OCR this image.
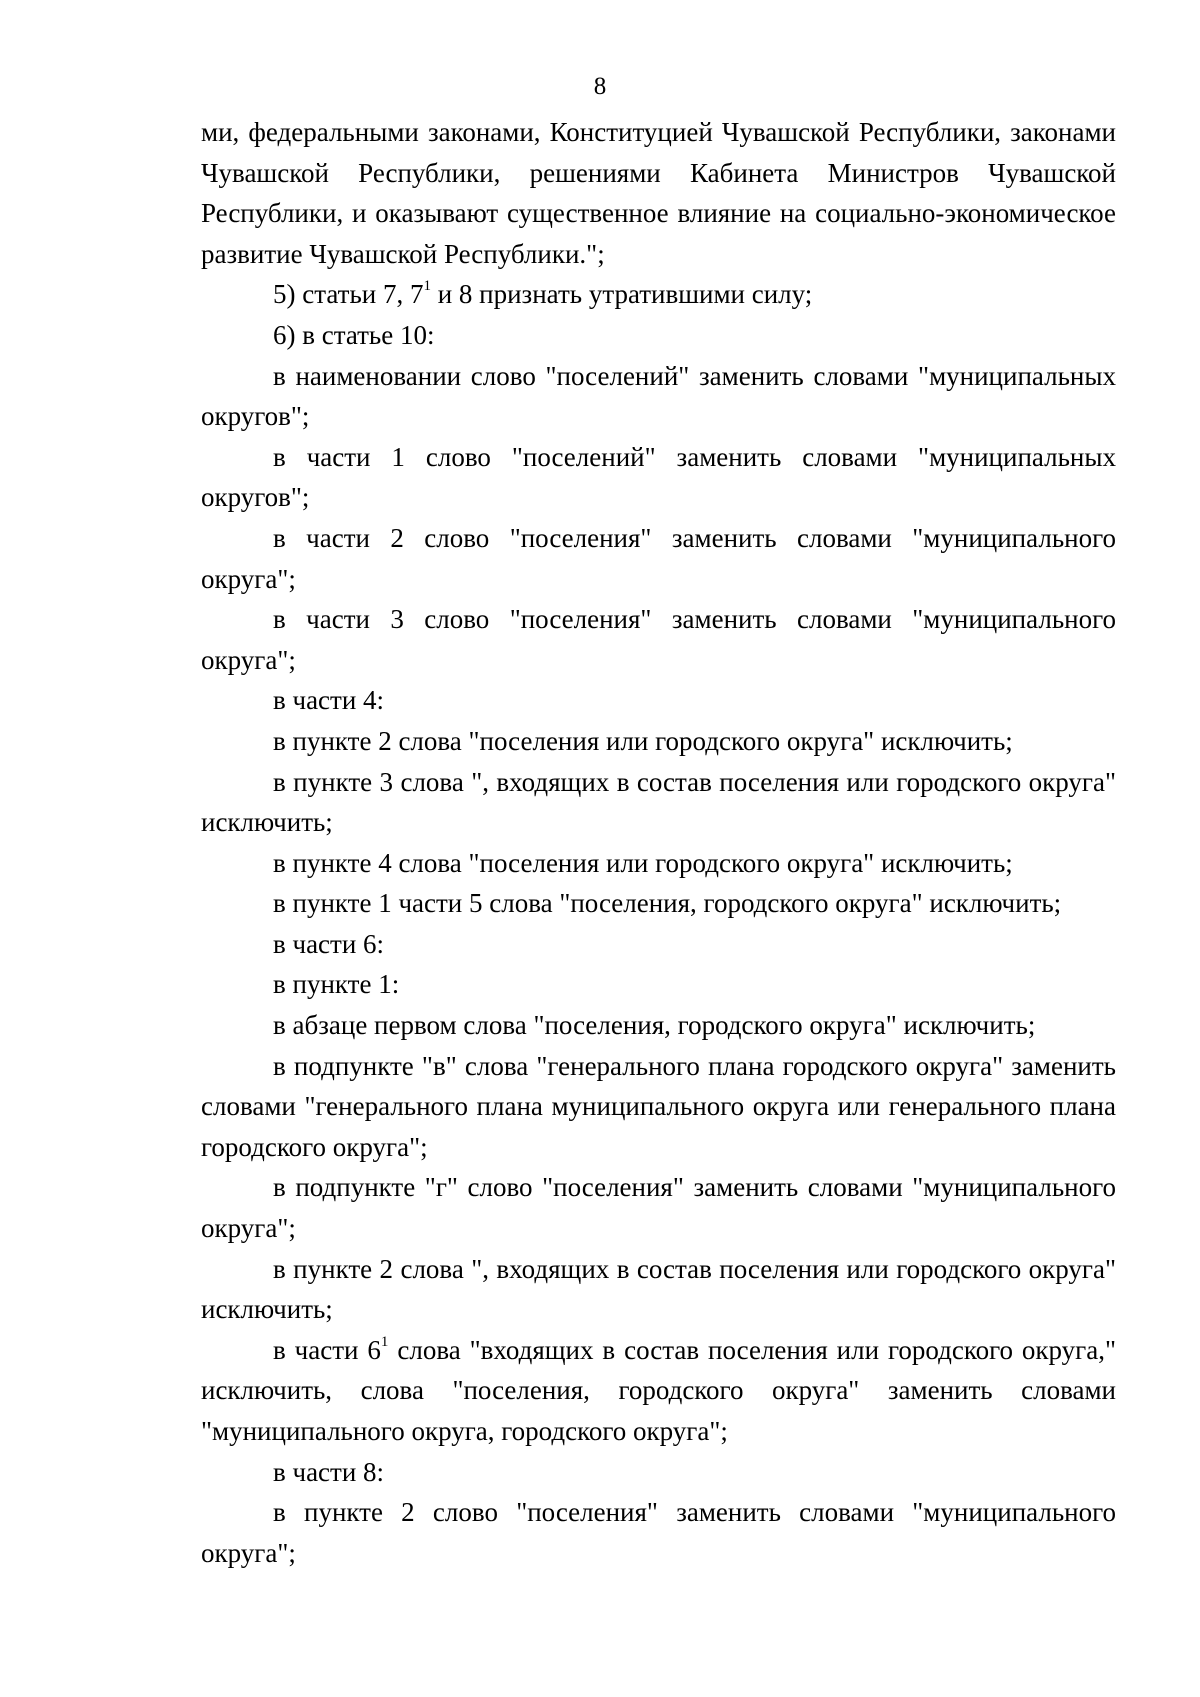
8

ми, федеральными законами, Конституцией Чувашской Республики, законами Чувашской Республики, решениями Кабинета Министров Чувашской Республики, и оказывают существенное влияние на социально-экономическое развитие Чувашской Республики.";

5) статьи 7, $7^1$ и 8 признать утратившими силу;

6) в статье 10:

в наименовании слово "поселений" заменить словами "муниципальных округов";

в части 1 слово "поселений" заменить словами "муниципальных округов";

в части 2 слово "поселения" заменить словами "муниципального округа";

в части 3 слово "поселения" заменить словами "муниципального округа";

в части 4:

в пункте 2 слова "поселения или городского округа" исключить;

в пункте 3 слова ", входящих в состав поселения или городского округа" исключить;

в пункте 4 слова "поселения или городского округа" исключить;

в пункте 1 части 5 слова "поселения, городского округа" исключить;

в части 6:

в пункте 1:

в абзаце первом слова "поселения, городского округа" исключить;

в подпункте "в" слова "генерального плана городского округа" заменить словами "генерального плана муниципального округа или генерального плана городского округа";

в подпункте "г" слово "поселения" заменить словами "муниципального округа";

в пункте 2 слова ", входящих в состав поселения или городского округа" исключить;

в части $6^1$ слова "входящих в состав поселения или городского округа," исключить, слова "поселения, городского округа" заменить словами "муниципального округа, городского округа";

в части 8:

в пункте 2 слово "поселения" заменить словами "муниципального округа";
